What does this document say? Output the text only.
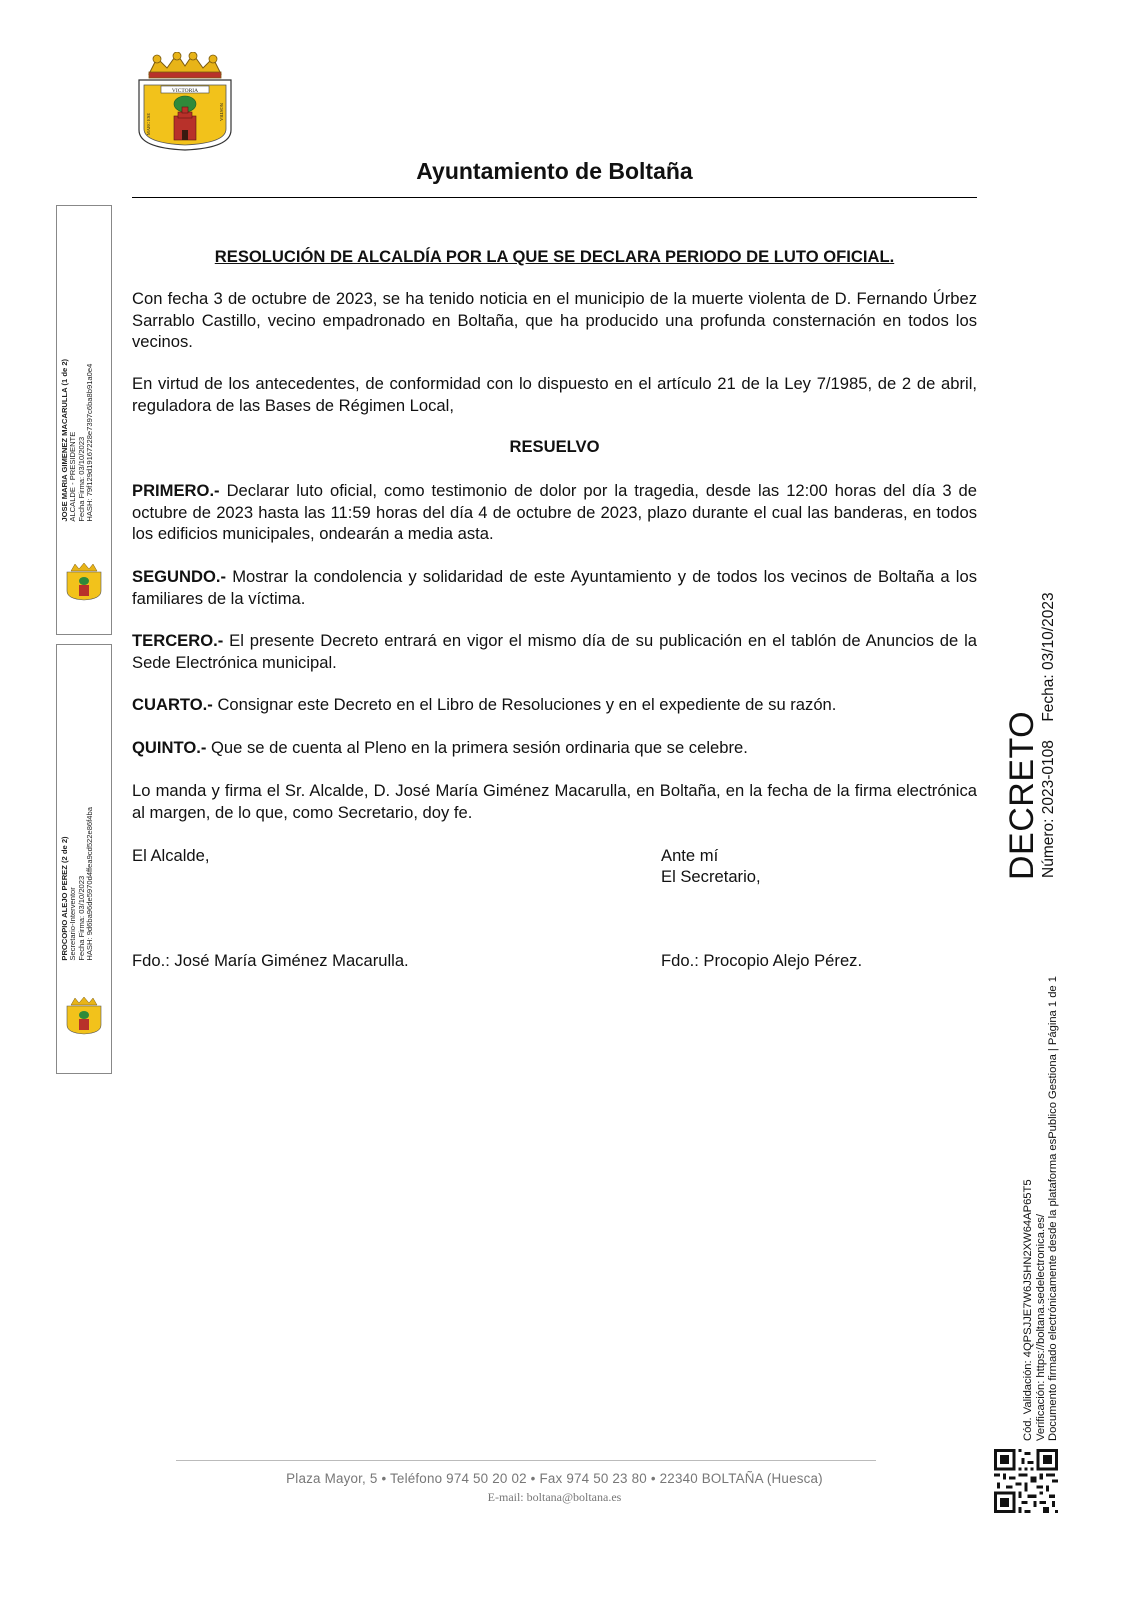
VICTORIA
MARC ESE
NOSTRA
Ayuntamiento de Boltaña
JOSE MARIA GIMENEZ MACARULLA (1 de 2) ALCALDE - PRESIDENTE Fecha Firma: 03/10/2023 HASH: 79f129d1916722​8e7397c6ba8b91a0e4
PROCOPIO ALEJO PEREZ (2 de 2) Secretario-Interventor Fecha Firma: 03/10/2023 HASH: 9d6ba96de5970d4ffea9cd522e86f4ba
RESOLUCIÓN DE ALCALDÍA POR LA QUE SE DECLARA PERIODO DE LUTO OFICIAL.
Con fecha 3 de octubre de 2023, se ha tenido noticia en el municipio de la muerte violenta de D. Fernando Úrbez Sarrablo Castillo, vecino empadronado en Boltaña, que ha producido una profunda consternación en todos los vecinos.
En virtud de los antecedentes, de conformidad con lo dispuesto en el artículo 21 de la Ley 7/1985, de 2 de abril, reguladora de las Bases de Régimen Local,
RESUELVO
PRIMERO.- Declarar luto oficial, como testimonio de dolor por la tragedia, desde las 12:00 horas del día 3 de octubre de 2023 hasta las 11:59 horas del día 4 de octubre de 2023, plazo durante el cual las banderas, en todos los edificios municipales, ondearán a media asta.
SEGUNDO.- Mostrar la condolencia y solidaridad de este Ayuntamiento y de todos los vecinos de Boltaña a los familiares de la víctima.
TERCERO.- El presente Decreto entrará en vigor el mismo día de su publicación en el tablón de Anuncios de la Sede Electrónica municipal.
CUARTO.- Consignar este Decreto en el Libro de Resoluciones y en el expediente de su razón.
QUINTO.- Que se de cuenta al Pleno en la primera sesión ordinaria que se celebre.
Lo manda y firma el Sr. Alcalde, D. José María Giménez Macarulla, en Boltaña, en la fecha de la firma electrónica al margen, de lo que, como Secretario, doy fe.
El Alcalde,	Ante mí
El Secretario,
Fdo.: José María Giménez Macarulla.	Fdo.: Procopio Alejo Pérez.
DECRETO Número: 2023-0108 Fecha: 03/10/2023
Cód. Validación: 4QPSJJE7W6JSHN2XW64AP65T5 Verificación: https://boltana.sedelectronica.es/ Documento firmado electrónicamente desde la plataforma esPublico Gestiona | Página 1 de 1
Plaza Mayor, 5 • Teléfono 974 50 20 02 • Fax 974 50 23 80 • 22340 BOLTAÑA (Huesca)
E-mail: boltana@boltana.es
